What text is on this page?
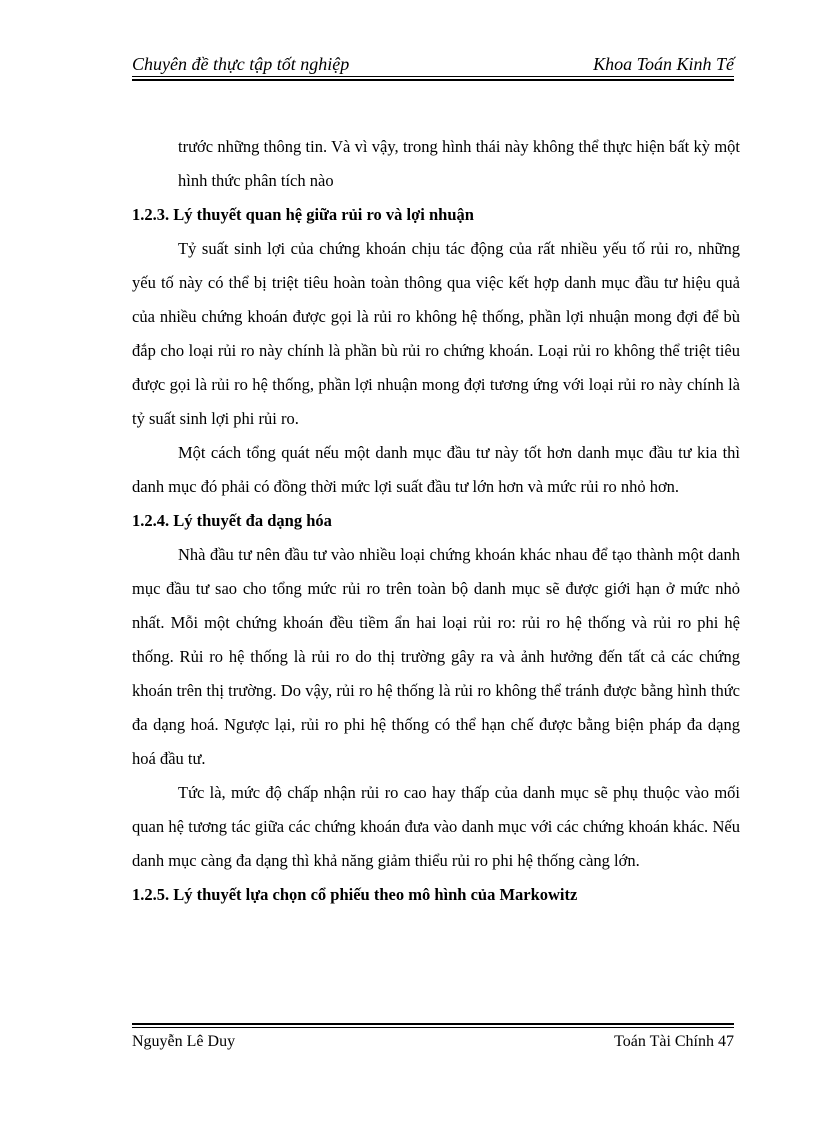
Chuyên đề thực tập tốt nghiệp	Khoa Toán Kinh Tế

trước những thông tin. Và vì vậy, trong hình thái này không thể thực hiện bất kỳ một hình thức phân tích nào

1.2.3. Lý thuyết quan hệ giữa rủi ro và lợi nhuận

Tỷ suất sinh lợi của chứng khoán chịu tác động của rất nhiều yếu tố rủi ro, những yếu tố này có thể bị triệt tiêu hoàn toàn thông qua việc kết hợp danh mục đầu tư hiệu quả của nhiều chứng khoán được gọi là rủi ro không hệ thống, phần lợi nhuận mong đợi để bù đắp cho loại rủi ro này chính là phần bù rủi ro chứng khoán. Loại rủi ro không thể triệt tiêu được gọi là rủi ro hệ thống, phần lợi nhuận mong đợi tương ứng với loại rủi ro này chính là tỷ suất sinh lợi phi rủi ro.

Một cách tổng quát nếu một danh mục đầu tư này tốt hơn danh mục đầu tư kia thì danh mục đó phải có đồng thời mức lợi suất đầu tư lớn hơn và mức rủi ro nhỏ hơn.

1.2.4. Lý thuyết đa dạng hóa

Nhà đầu tư nên đầu tư vào nhiều loại chứng khoán khác nhau để tạo thành một danh mục đầu tư sao cho tổng mức rủi ro trên toàn bộ danh mục sẽ được giới hạn ở mức nhỏ nhất. Mỗi một chứng khoán đều tiềm ẩn hai loại rủi ro: rủi ro hệ thống và rủi ro phi hệ thống. Rủi ro hệ thống là rủi ro do thị trường gây ra và ảnh hưởng đến tất cả các chứng khoán trên thị trường. Do vậy, rủi ro hệ thống là rủi ro không thể tránh được bằng hình thức đa dạng hoá. Ngược lại, rủi ro phi hệ thống có thể hạn chế được bằng biện pháp đa dạng hoá đầu tư.

Tức là, mức độ chấp nhận rủi ro cao hay thấp của danh mục sẽ phụ thuộc vào mối quan hệ tương tác giữa các chứng khoán đưa vào danh mục với các chứng khoán khác. Nếu danh mục càng đa dạng thì khả năng giảm thiểu rủi ro phi hệ thống càng lớn.

1.2.5. Lý thuyết lựa chọn cổ phiếu theo mô hình của Markowitz

Nguyễn Lê Duy	Toán Tài Chính 47
